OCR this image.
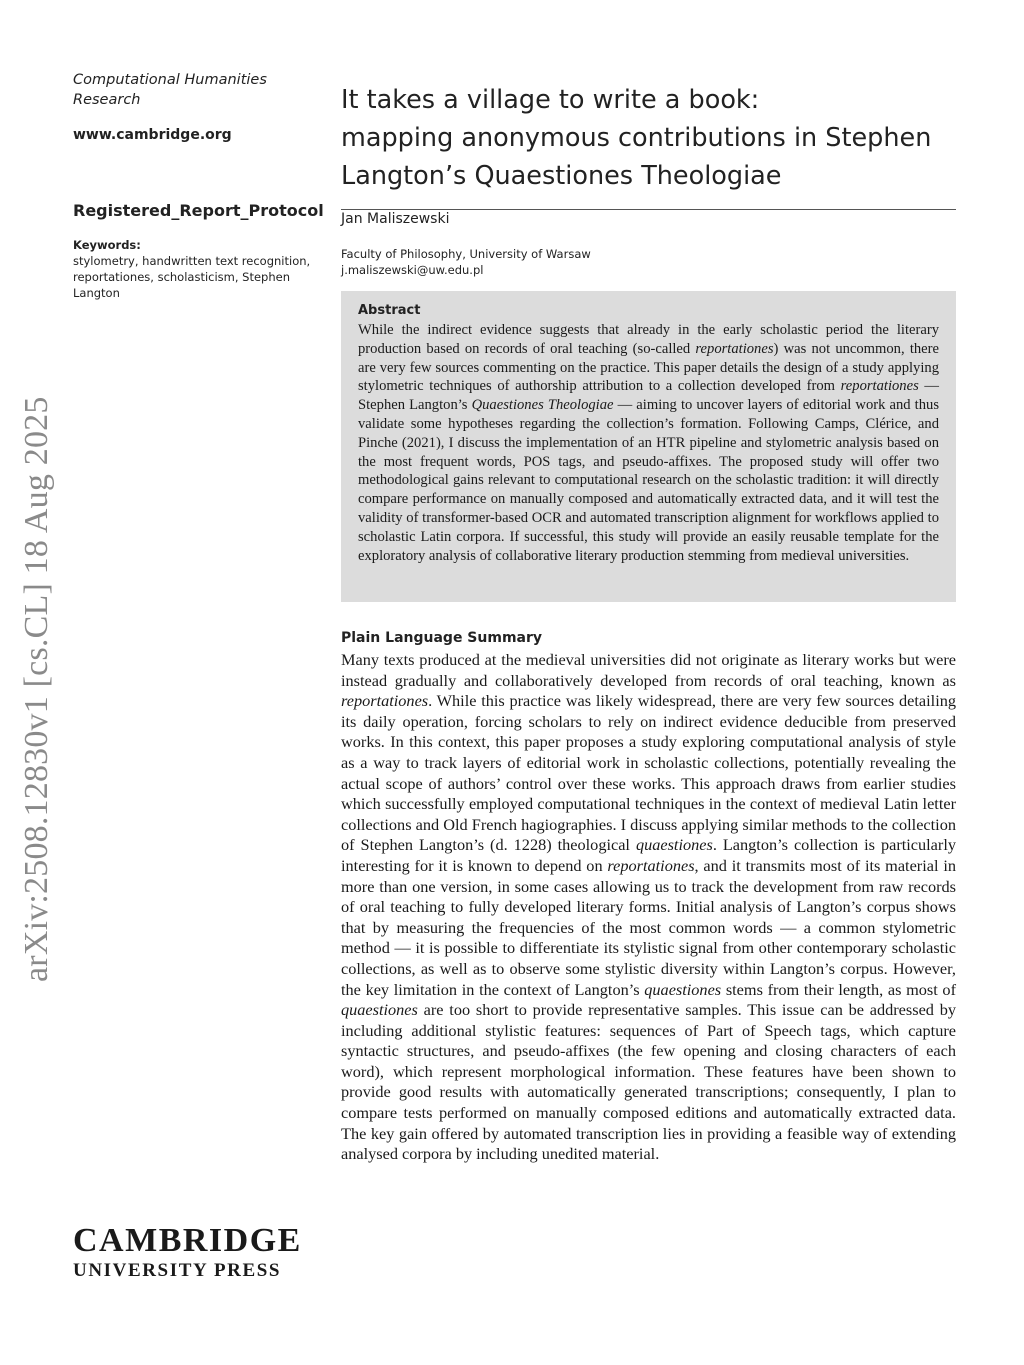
arXiv:2508.12830v1 [cs.CL] 18 Aug 2025
Computational Humanities Research
www.cambridge.org
Registered_Report_Protocol
Keywords:
stylometry, handwritten text recognition, reportationes, scholasticism, Stephen Langton
It takes a village to write a book:
mapping anonymous contributions in Stephen
Langton’s Quaestiones Theologiae
Jan Maliszewski
Faculty of Philosophy, University of Warsaw
j.maliszewski@uw.edu.pl
Abstract
While the indirect evidence suggests that already in the early scholastic period the literary production based on records of oral teaching (so-called reportationes) was not uncommon, there are very few sources commenting on the practice. This paper details the design of a study applying stylometric techniques of authorship attribution to a collection developed from reportationes — Stephen Langton’s Quaestiones Theologiae — aiming to uncover layers of editorial work and thus validate some hypotheses regarding the collection’s formation. Following Camps, Clérice, and Pinche (2021), I discuss the implementation of an HTR pipeline and stylometric analysis based on the most frequent words, POS tags, and pseudo-affixes. The proposed study will offer two methodological gains relevant to computational research on the scholastic tradition: it will directly compare performance on manually composed and automatically extracted data, and it will test the validity of transformer-based OCR and automated transcription alignment for workflows applied to scholastic Latin corpora. If successful, this study will provide an easily reusable template for the exploratory analysis of collaborative literary production stemming from medieval universities.
Plain Language Summary
Many texts produced at the medieval universities did not originate as literary works but were instead gradually and collaboratively developed from records of oral teaching, known as reportationes. While this practice was likely widespread, there are very few sources detailing its daily operation, forcing scholars to rely on indirect evidence deducible from preserved works. In this context, this paper proposes a study exploring computational analysis of style as a way to track layers of editorial work in scholastic collections, potentially revealing the actual scope of authors’ control over these works. This approach draws from earlier studies which successfully employed computational techniques in the context of medieval Latin letter collections and Old French hagiographies. I discuss applying similar methods to the collection of Stephen Langton’s (d. 1228) theological quaestiones. Langton’s collection is particularly interesting for it is known to depend on reportationes, and it transmits most of its material in more than one version, in some cases allowing us to track the development from raw records of oral teaching to fully developed literary forms. Initial analysis of Langton’s corpus shows that by measuring the frequencies of the most common words — a common stylometric method — it is possible to differentiate its stylistic signal from other contemporary scholastic collections, as well as to observe some stylistic diversity within Langton’s corpus. However, the key limitation in the context of Langton’s quaestiones stems from their length, as most of quaestiones are too short to provide representative samples. This issue can be addressed by including additional stylistic features: sequences of Part of Speech tags, which capture syntactic structures, and pseudo-affixes (the few opening and closing characters of each word), which represent morphological information. These features have been shown to provide good results with automatically generated transcriptions; consequently, I plan to compare tests performed on manually composed editions and automatically extracted data. The key gain offered by automated transcription lies in providing a feasible way of extending analysed corpora by including unedited material.
CAMBRIDGE
UNIVERSITY PRESS
